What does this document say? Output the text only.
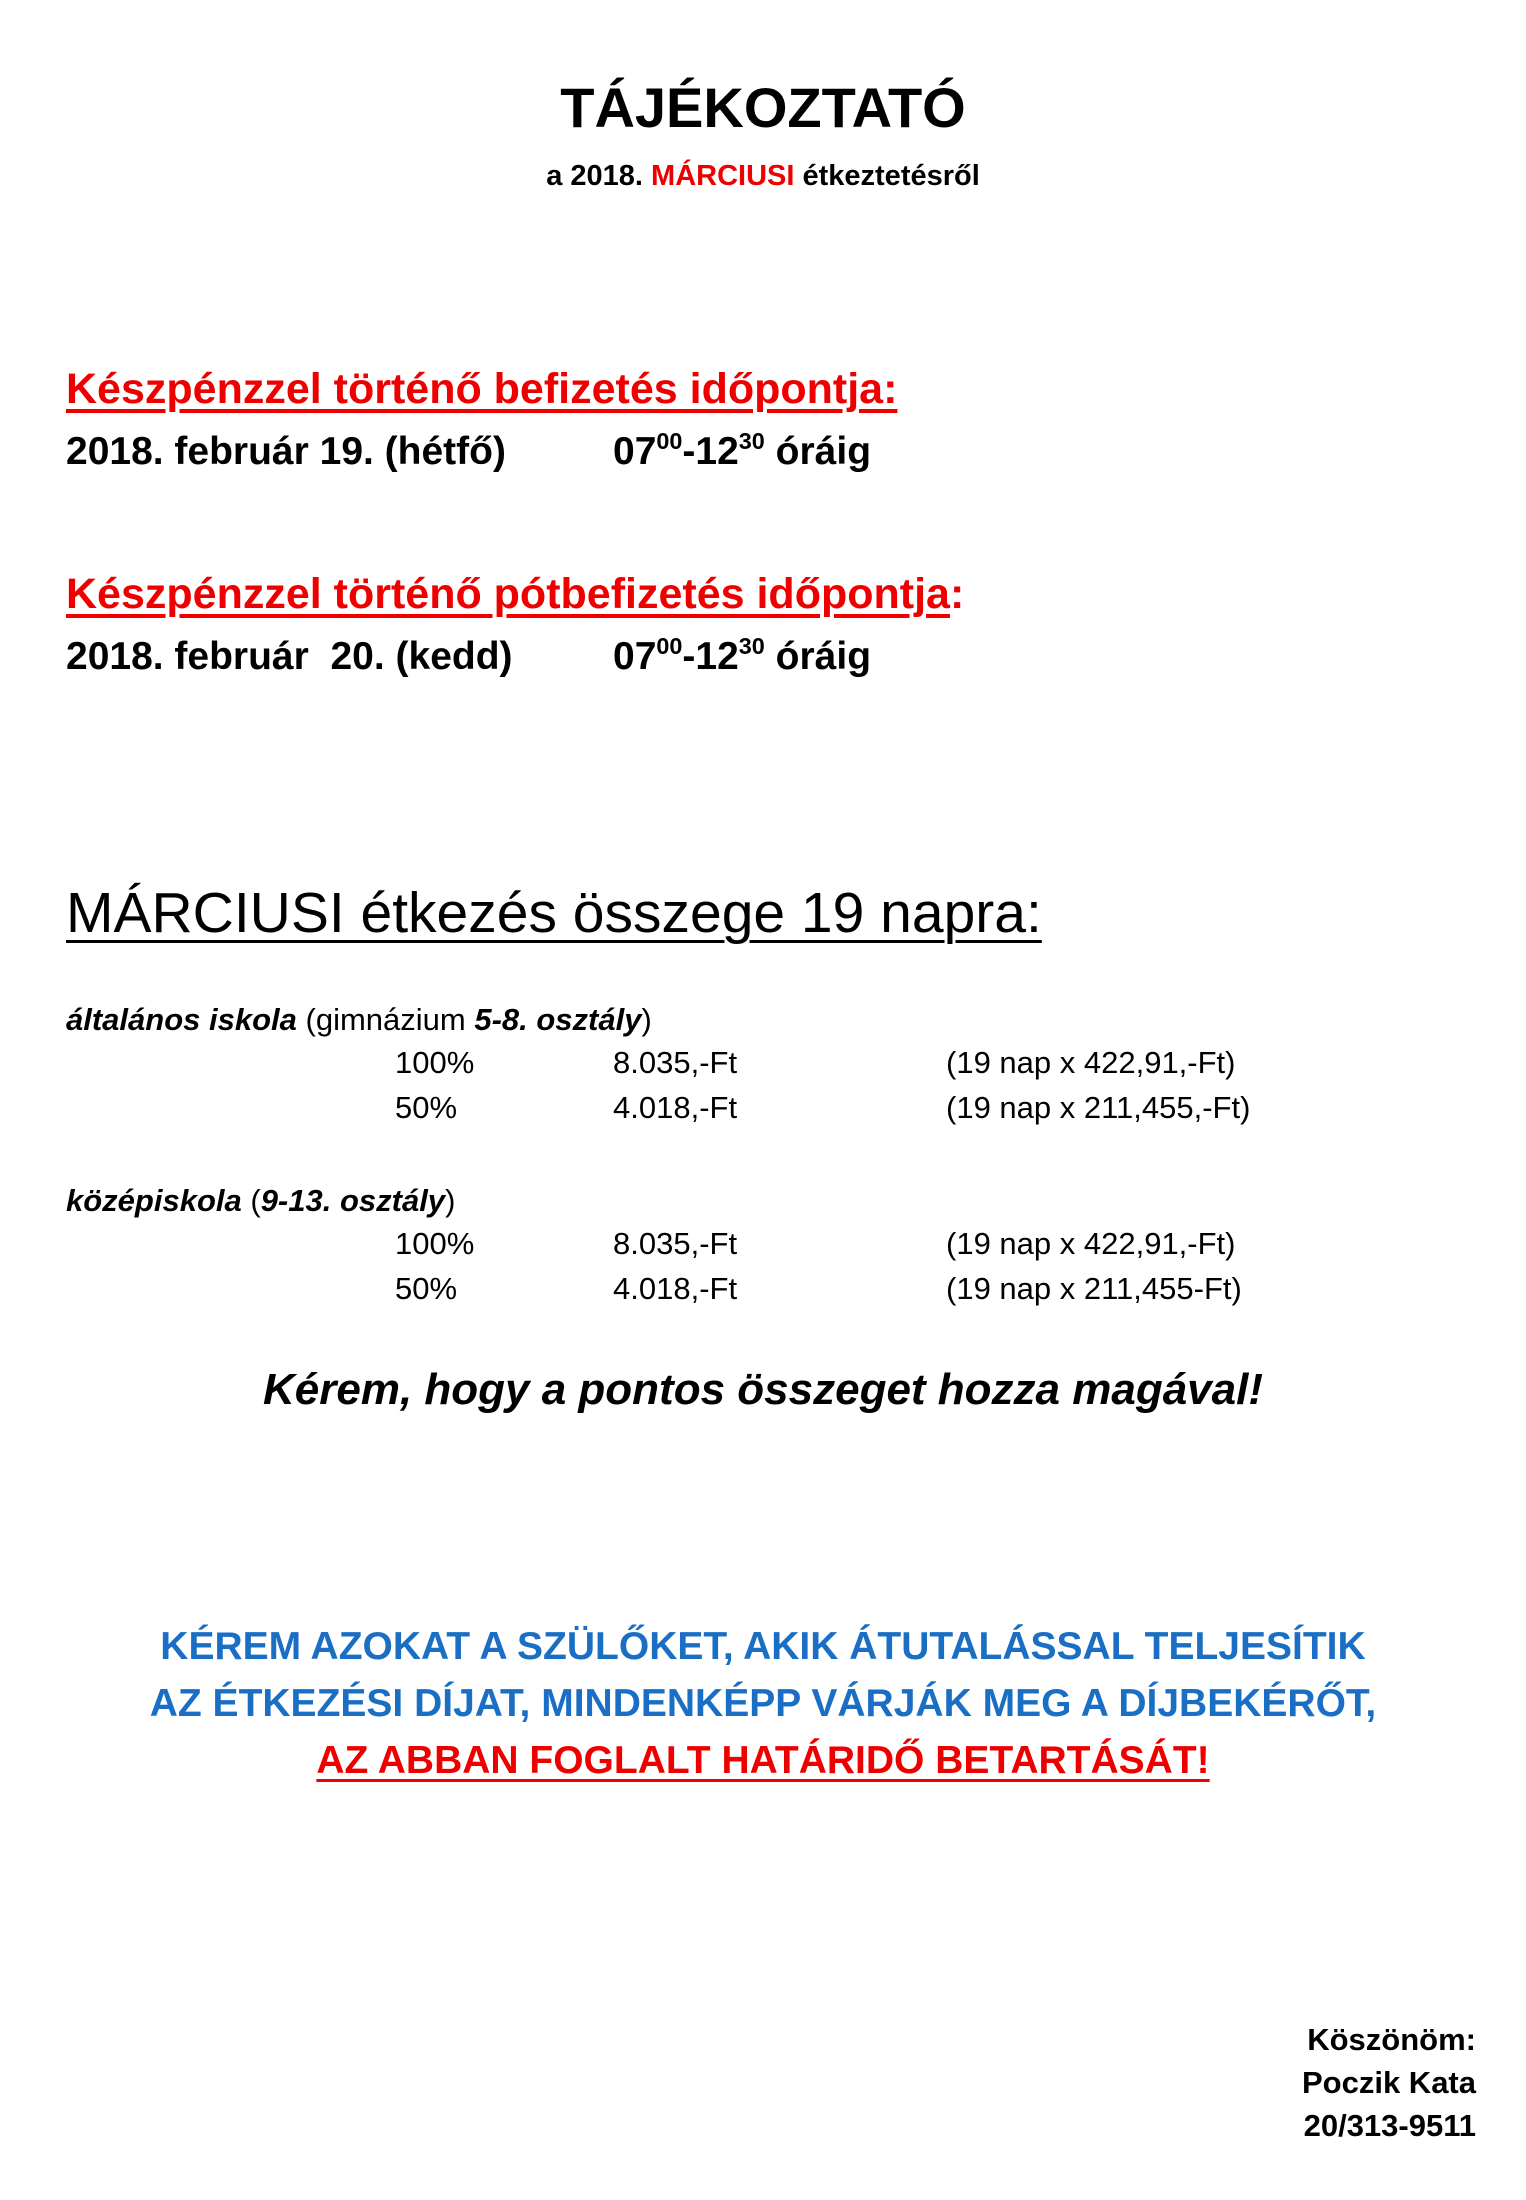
TÁJÉKOZTATÓ
a 2018. MÁRCIUSI étkeztetésről
Készpénzzel történő befizetés időpontja:
2018. február 19. (hétfő)	$07^{00}-12^{30}$ óráig
Készpénzzel történő pótbefizetés időpontja:
2018. február  20. (kedd)	$07^{00}-12^{30}$ óráig
MÁRCIUSI étkezés összege 19 napra:
általános iskola (gimnázium 5-8. osztály)
100%	8.035,-Ft	(19 nap x 422,91,-Ft)
50%	4.018,-Ft	(19 nap x 211,455,-Ft)
középiskola (9-13. osztály)
100%	8.035,-Ft	(19 nap x 422,91,-Ft)
50%	4.018,-Ft	(19 nap x 211,455-Ft)
Kérem, hogy a pontos összeget hozza magával!
KÉREM AZOKAT A SZÜLŐKET, AKIK ÁTUTALÁSSAL TELJESÍTIK
AZ ÉTKEZÉSI DÍJAT, MINDENKÉPP VÁRJÁK MEG A DÍJBEKÉRŐT,
AZ ABBAN FOGLALT HATÁRIDŐ BETARTÁSÁT!
Köszönöm:
Poczik Kata
20/313-9511
